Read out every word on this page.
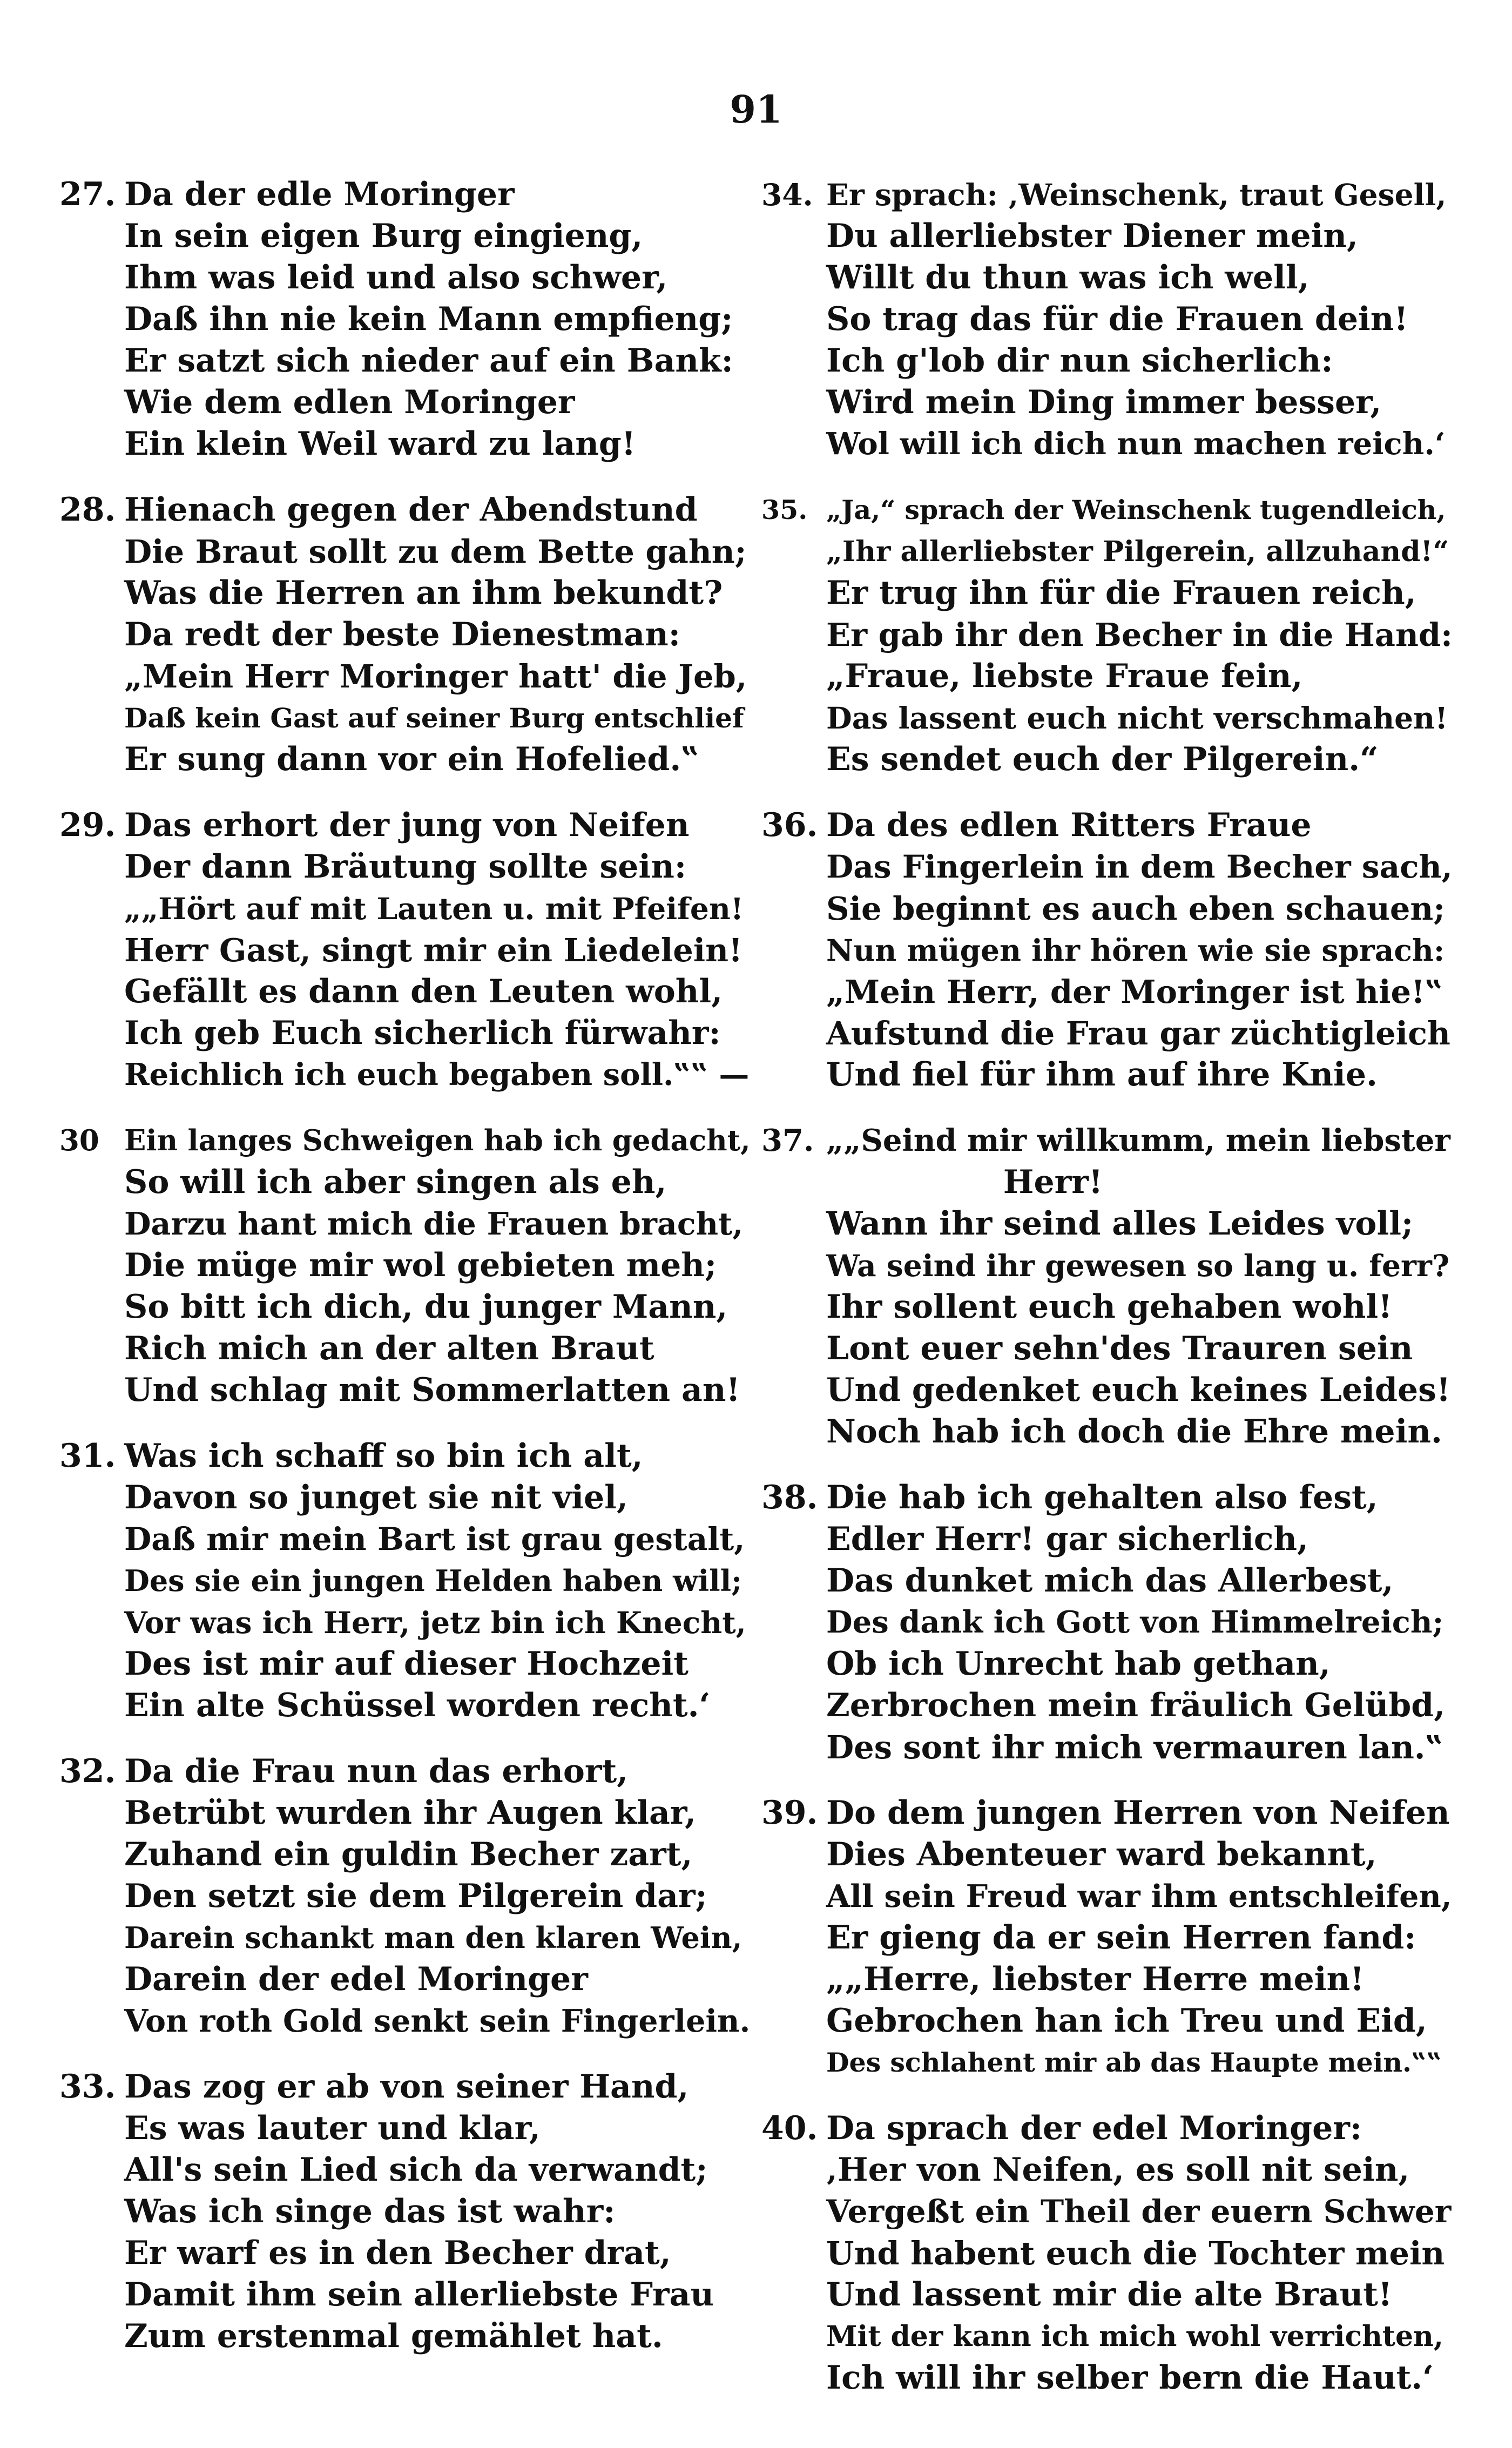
91
27. Da der edle Moringer
In sein eigen Burg eingieng,
Ihm was leid und also schwer,
Daß ihn nie kein Mann empfieng;
Er satzt sich nieder auf ein Bank:
Wie dem edlen Moringer
Ein klein Weil ward zu lang!
28. Hienach gegen der Abendstund
Die Braut sollt zu dem Bette gahn;
Was die Herren an ihm bekundt?
Da redt der beste Dienestman:
„Mein Herr Moringer hatt' die Jeb,
Daß kein Gast auf seiner Burg entschlief
Er sung dann vor ein Hofelied.‟
29. Das erhort der jung von Neifen
Der dann Bräutung sollte sein:
„„Hört auf mit Lauten u. mit Pfeifen!
Herr Gast, singt mir ein Liedelein!
Gefällt es dann den Leuten wohl,
Ich geb Euch sicherlich fürwahr:
Reichlich ich euch begaben soll.‟‟ —
30 Ein langes Schweigen hab ich gedacht,
So will ich aber singen als eh,
Darzu hant mich die Frauen bracht,
Die müge mir wol gebieten meh;
So bitt ich dich, du junger Mann,
Rich mich an der alten Braut
Und schlag mit Sommerlatten an!
31. Was ich schaff so bin ich alt,
Davon so junget sie nit viel,
Daß mir mein Bart ist grau gestalt,
Des sie ein jungen Helden haben will;
Vor was ich Herr, jetz bin ich Knecht,
Des ist mir auf dieser Hochzeit
Ein alte Schüssel worden recht.‘
32. Da die Frau nun das erhort,
Betrübt wurden ihr Augen klar,
Zuhand ein guldin Becher zart,
Den setzt sie dem Pilgerein dar;
Darein schankt man den klaren Wein,
Darein der edel Moringer
Von roth Gold senkt sein Fingerlein.
33. Das zog er ab von seiner Hand,
Es was lauter und klar,
All's sein Lied sich da verwandt;
Was ich singe das ist wahr:
Er warf es in den Becher drat,
Damit ihm sein allerliebste Frau
Zum erstenmal gemählet hat.
34. Er sprach: ‚Weinschenk, traut Gesell,
Du allerliebster Diener mein,
Willt du thun was ich well,
So trag das für die Frauen dein!
Ich g'lob dir nun sicherlich:
Wird mein Ding immer besser,
Wol will ich dich nun machen reich.‘
35. „Ja,“ sprach der Weinschenk tugendleich,
„Ihr allerliebster Pilgerein, allzuhand!“
Er trug ihn für die Frauen reich,
Er gab ihr den Becher in die Hand:
„Fraue, liebste Fraue fein,
Das lassent euch nicht verschmahen!
Es sendet euch der Pilgerein.“
36. Da des edlen Ritters Fraue
Das Fingerlein in dem Becher sach,
Sie beginnt es auch eben schauen;
Nun mügen ihr hören wie sie sprach:
„Mein Herr, der Moringer ist hie!‟
Aufstund die Frau gar züchtigleich
Und fiel für ihm auf ihre Knie.
37. „„Seind mir willkumm, mein liebster
Herr!
Wann ihr seind alles Leides voll;
Wa seind ihr gewesen so lang u. ferr?
Ihr sollent euch gehaben wohl!
Lont euer sehn'des Trauren sein
Und gedenket euch keines Leides!
Noch hab ich doch die Ehre mein.
38. Die hab ich gehalten also fest,
Edler Herr! gar sicherlich,
Das dunket mich das Allerbest,
Des dank ich Gott von Himmelreich;
Ob ich Unrecht hab gethan,
Zerbrochen mein fräulich Gelübd,
Des sont ihr mich vermauren lan.‟
39. Do dem jungen Herren von Neifen
Dies Abenteuer ward bekannt,
All sein Freud war ihm entschleifen,
Er gieng da er sein Herren fand:
„„Herre, liebster Herre mein!
Gebrochen han ich Treu und Eid,
Des schlahent mir ab das Haupte mein.‟‟
40. Da sprach der edel Moringer:
‚Her von Neifen, es soll nit sein,
Vergeßt ein Theil der euern Schwer
Und habent euch die Tochter mein
Und lassent mir die alte Braut!
Mit der kann ich mich wohl verrichten,
Ich will ihr selber bern die Haut.‘
